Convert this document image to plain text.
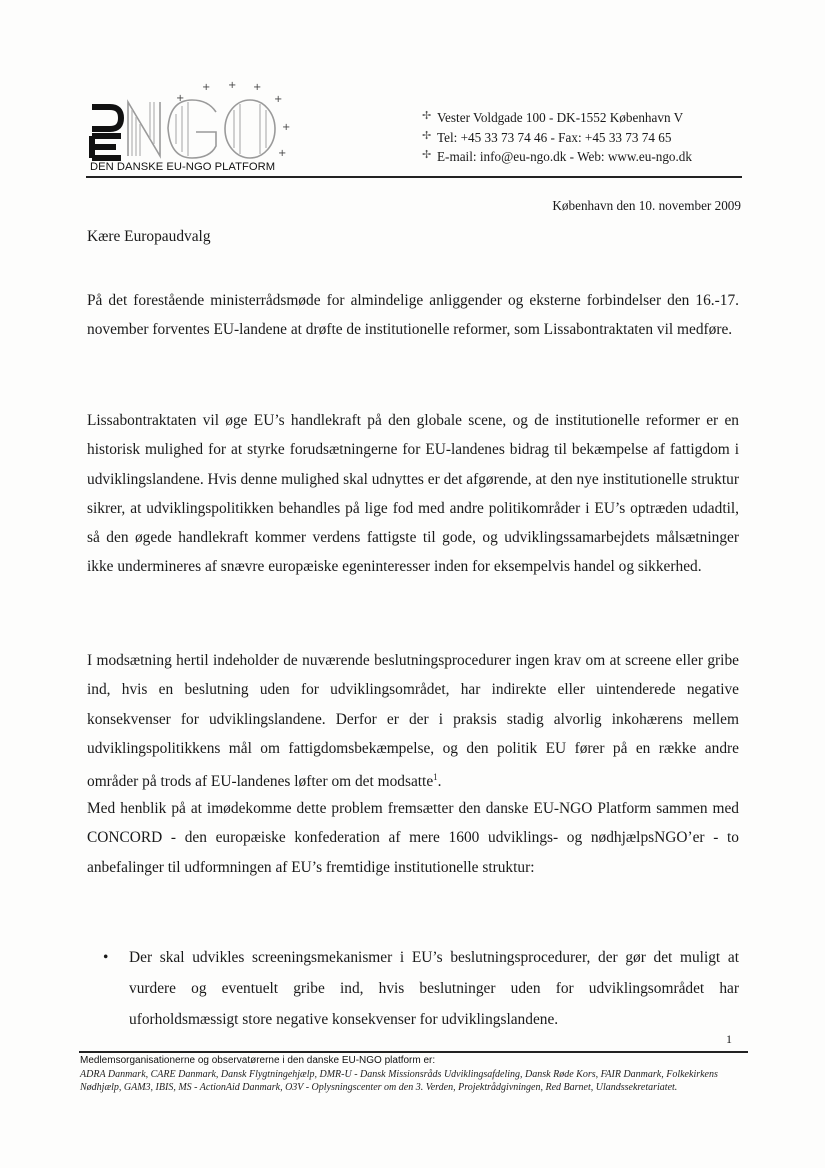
+
+ + +
+
+
+
DEN DANSKE EU-NGO PLATFORM
✢ Vester Voldgade 100 - DK-1552 København V
✢ Tel: +45 33 73 74 46 - Fax: +45 33 73 74 65
✢ E-mail: info@eu-ngo.dk - Web: www.eu-ngo.dk
København den 10. november 2009
Kære Europaudvalg

På det forestående ministerrådsmøde for almindelige anliggender og eksterne forbindelser den 16.-17. november forventes EU-landene at drøfte de institutionelle reformer, som Lissabontraktaten vil medføre.

Lissabontraktaten vil øge EU’s handlekraft på den globale scene, og de institutionelle reformer er en historisk mulighed for at styrke forudsætningerne for EU-landenes bidrag til bekæmpelse af fattigdom i udviklingslandene. Hvis denne mulighed skal udnyttes er det afgørende, at den nye institutionelle struktur sikrer, at udviklingspolitikken behandles på lige fod med andre politikområder i EU’s optræden udadtil, så den øgede handlekraft kommer verdens fattigste til gode, og udviklingssamarbejdets målsætninger ikke undermineres af snævre europæiske egeninteresser inden for eksempelvis handel og sikkerhed.

I modsætning hertil indeholder de nuværende beslutningsprocedurer ingen krav om at screene eller gribe ind, hvis en beslutning uden for udviklingsområdet, har indirekte eller uintenderede negative konsekvenser for udviklingslandene. Derfor er der i praksis stadig alvorlig inkohærens mellem udviklingspolitikkens mål om fattigdomsbekæmpelse, og den politik EU fører på en række andre områder på trods af EU-landenes løfter om det modsatte$^1$.

Med henblik på at imødekomme dette problem fremsætter den danske EU-NGO Platform sammen med CONCORD - den europæiske konfederation af mere 1600 udviklings- og nødhjælpsNGO’er - to anbefalinger til udformningen af EU’s fremtidige institutionelle struktur:

• Der skal udvikles screeningsmekanismer i EU’s beslutningsprocedurer, der gør det muligt at vurdere og eventuelt gribe ind, hvis beslutninger uden for udviklingsområdet har uforholdsmæssigt store negative konsekvenser for udviklingslandene.

1
Medlemsorganisationerne og observatørerne i den danske EU-NGO platform er:

ADRA Danmark, CARE Danmark, Dansk Flygtningehjælp, DMR-U - Dansk Missionsråds Udviklingsafdeling, Dansk Røde Kors, FAIR Danmark, Folkekirkens Nødhjælp, GAM3, IBIS, MS - ActionAid Danmark, O3V - Oplysningscenter om den 3. Verden, Projektrådgivningen, Red Barnet, Ulandssekretariatet.
